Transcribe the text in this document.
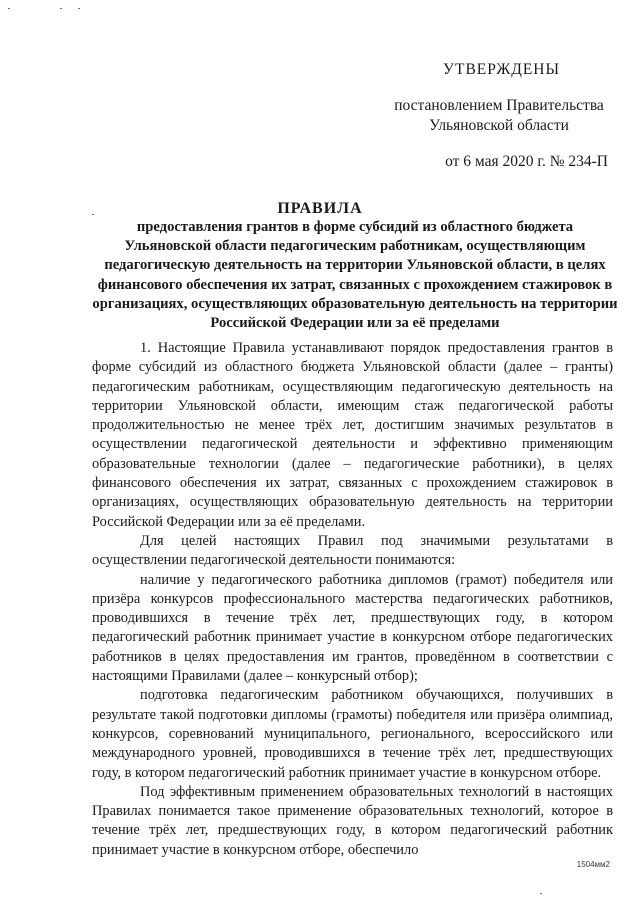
УТВЕРЖДЕНЫ
постановлением Правительства Ульяновской области
от 6 мая 2020 г. № 234-П
ПРАВИЛА
предоставления грантов в форме субсидий из областного бюджета Ульяновской области педагогическим работникам, осуществляющим педагогическую деятельность на территории Ульяновской области, в целях финансового обеспечения их затрат, связанных с прохождением стажировок в организациях, осуществляющих образовательную деятельность на территории Российской Федерации или за её пределами

1. Настоящие Правила устанавливают порядок предоставления грантов в форме субсидий из областного бюджета Ульяновской области (далее – гранты) педагогическим работникам, осуществляющим педагогическую деятельность на территории Ульяновской области, имеющим стаж педагогической работы продолжительностью не менее трёх лет, достигшим значимых результатов в осуществлении педагогической деятельности и эффективно применяющим образовательные технологии (далее – педагогические работники), в целях финансового обеспечения их затрат, связанных с прохождением стажировок в организациях, осуществляющих образовательную деятельность на территории Российской Федерации или за её пределами.

Для целей настоящих Правил под значимыми результатами в осуществлении педагогической деятельности понимаются:

наличие у педагогического работника дипломов (грамот) победителя или призёра конкурсов профессионального мастерства педагогических работников, проводившихся в течение трёх лет, предшествующих году, в котором педагогический работник принимает участие в конкурсном отборе педагогических работников в целях предоставления им грантов, проведённом в соответствии с настоящими Правилами (далее – конкурсный отбор);

подготовка педагогическим работником обучающихся, получивших в результате такой подготовки дипломы (грамоты) победителя или призёра олимпиад, конкурсов, соревнований муниципального, регионального, всероссийского или международного уровней, проводившихся в течение трёх лет, предшествующих году, в котором педагогический работник принимает участие в конкурсном отборе.

Под эффективным применением образовательных технологий в настоящих Правилах понимается такое применение образовательных технологий, которое в течение трёх лет, предшествующих году, в котором педагогический работник принимает участие в конкурсном отборе, обеспечило

1504мм2
